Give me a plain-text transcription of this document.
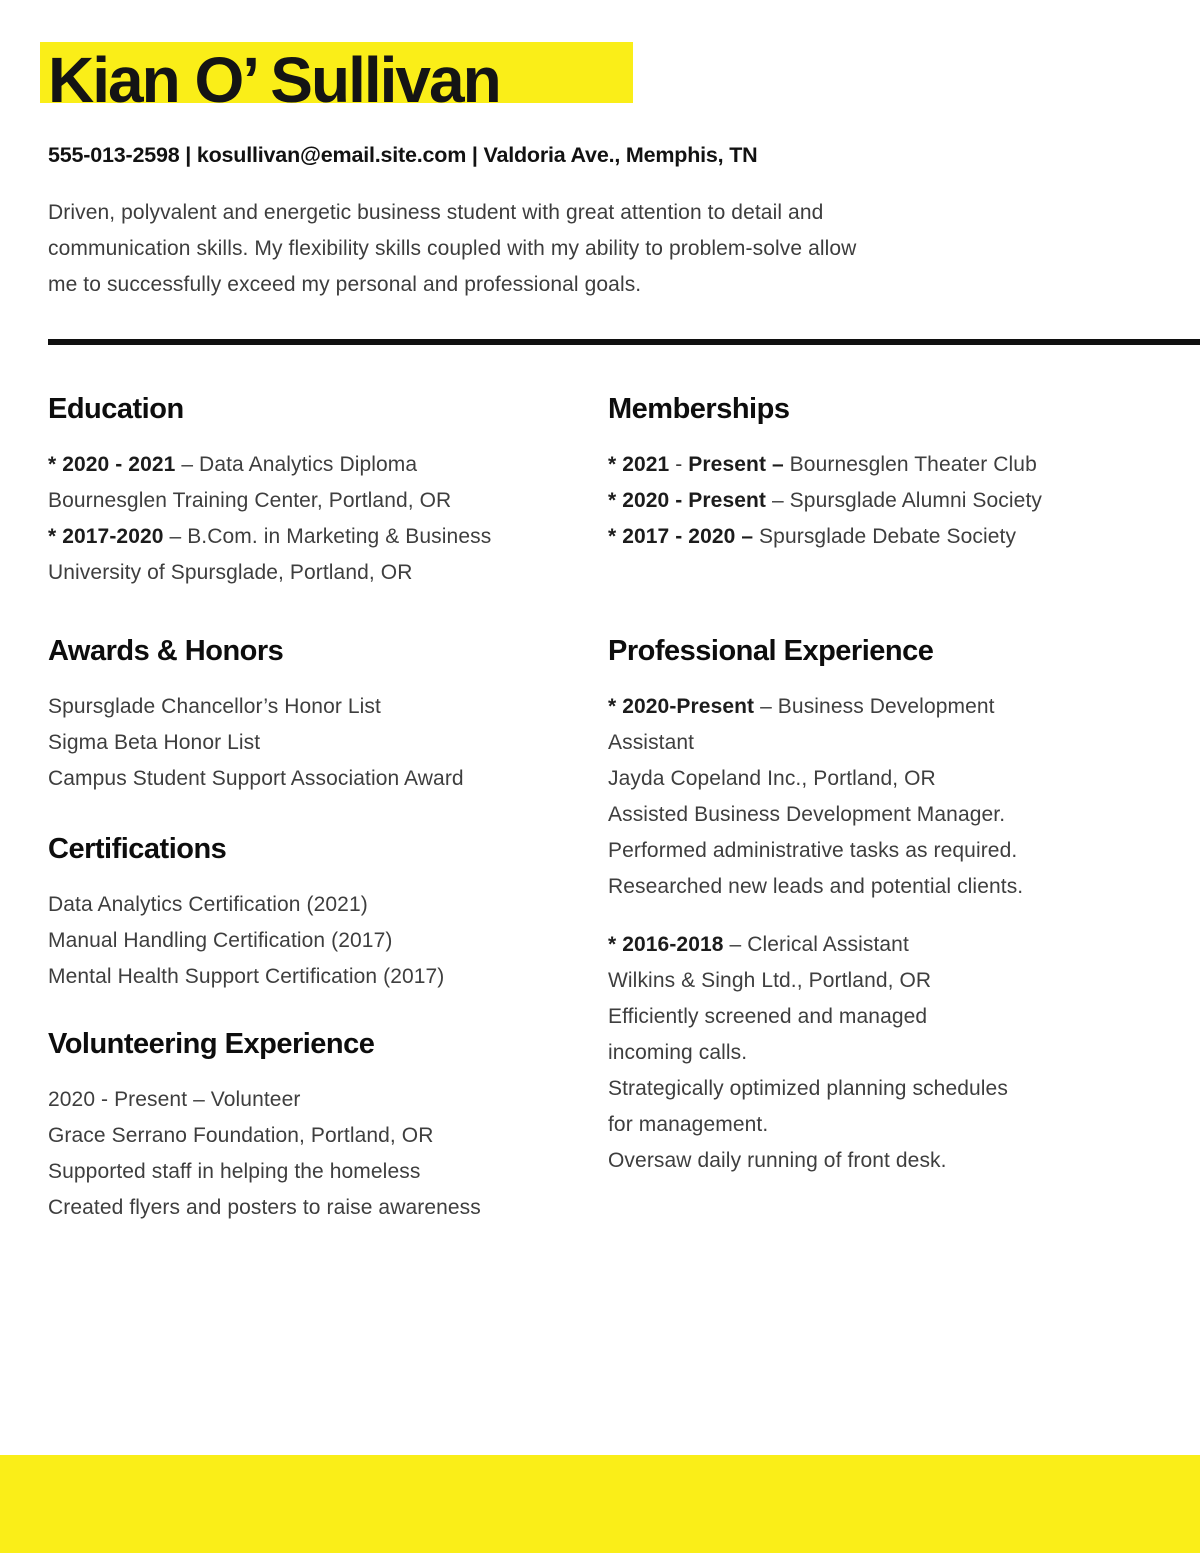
Kian O’ Sullivan
555-013-2598 | kosullivan@email.site.com | Valdoria Ave., Memphis, TN

Driven, polyvalent and energetic business student with great attention to detail and

communication skills. My flexibility skills coupled with my ability to problem-solve allow

me to successfully exceed my personal and professional goals.

Education

* 2020 - 2021 – Data Analytics Diploma

Bournesglen Training Center, Portland, OR

* 2017-2020 – B.Com. in Marketing & Business

University of Spursglade, Portland, OR

Awards & Honors

Spursglade Chancellor’s Honor List

Sigma Beta Honor List

Campus Student Support Association Award

Certifications

Data Analytics Certification (2021)

Manual Handling Certification (2017)

Mental Health Support Certification (2017)

Volunteering Experience

2020 - Present – Volunteer

Grace Serrano Foundation, Portland, OR

Supported staff in helping the homeless

Created flyers and posters to raise awareness

Memberships

* 2021 - Present – Bournesglen Theater Club

* 2020 - Present – Spursglade Alumni Society

* 2017 - 2020 – Spursglade Debate Society

Professional Experience

* 2020-Present – Business Development

Assistant

Jayda Copeland Inc., Portland, OR

Assisted Business Development Manager.

Performed administrative tasks as required.

Researched new leads and potential clients.

* 2016-2018 – Clerical Assistant

Wilkins & Singh Ltd., Portland, OR

Efficiently screened and managed

incoming calls.

Strategically optimized planning schedules

for management.

Oversaw daily running of front desk.
